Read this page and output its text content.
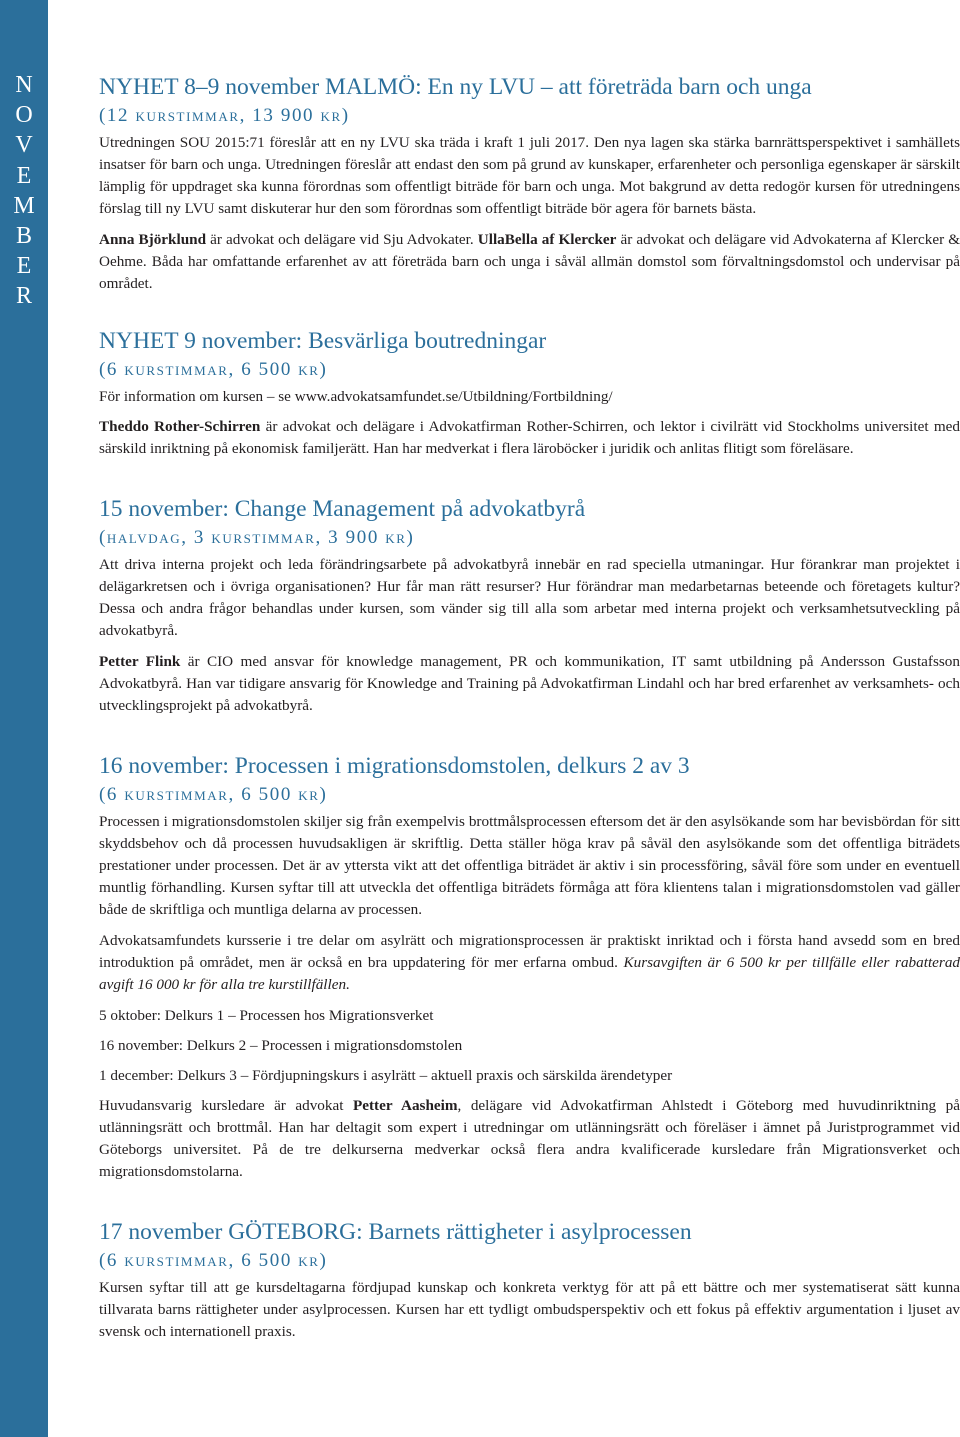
N
O
V
E
M
B
E
R
NYHET 8–9 november MALMÖ: En ny LVU – att företräda barn och unga
(12 kurstimmar, 13 900 kr)

Utredningen SOU 2015:71 föreslår att en ny LVU ska träda i kraft 1 juli 2017. Den nya lagen ska stärka barnrättsperspektivet i samhällets insatser för barn och unga. Utredningen föreslår att endast den som på grund av kunskaper, erfarenheter och personliga egenskaper är särskilt lämplig för uppdraget ska kunna förordnas som offentligt biträde för barn och unga. Mot bakgrund av detta redogör kursen för utredningens förslag till ny LVU samt diskuterar hur den som förordnas som offentligt biträde bör agera för barnets bästa.

Anna Björklund är advokat och delägare vid Sju Advokater. UllaBella af Klercker är advokat och delägare vid Advokaterna af Klercker & Oehme. Båda har omfattande erfarenhet av att företräda barn och unga i såväl allmän domstol som förvaltningsdomstol och undervisar på området.

NYHET 9 november: Besvärliga boutredningar
(6 kurstimmar, 6 500 kr)

För information om kursen – se www.advokatsamfundet.se/Utbildning/Fortbildning/

Theddo Rother-Schirren är advokat och delägare i Advokatfirman Rother-Schirren, och lektor i civilrätt vid Stockholms universitet med särskild inriktning på ekonomisk familjerätt. Han har medverkat i flera läroböcker i juridik och anlitas flitigt som föreläsare.

15 november: Change Management på advokatbyrå
(halvdag, 3 kurstimmar, 3 900 kr)

Att driva interna projekt och leda förändringsarbete på advokatbyrå innebär en rad speciella utmaningar. Hur förankrar man projektet i delägarkretsen och i övriga organisationen? Hur får man rätt resurser? Hur förändrar man medarbetarnas beteende och företagets kultur? Dessa och andra frågor behandlas under kursen, som vänder sig till alla som arbetar med interna projekt och verksamhetsutveckling på advokatbyrå.

Petter Flink är CIO med ansvar för knowledge management, PR och kommunikation, IT samt utbildning på Andersson Gustafsson Advokatbyrå. Han var tidigare ansvarig för Knowledge and Training på Advokatfirman Lindahl och har bred erfarenhet av verksamhets- och utvecklingsprojekt på advokatbyrå.

16 november: Processen i migrationsdomstolen, delkurs 2 av 3
(6 kurstimmar, 6 500 kr)

Processen i migrationsdomstolen skiljer sig från exempelvis brottmålsprocessen eftersom det är den asylsökande som har bevisbördan för sitt skyddsbehov och då processen huvudsakligen är skriftlig. Detta ställer höga krav på såväl den asylsökande som det offentliga biträdets prestationer under processen. Det är av yttersta vikt att det offentliga biträdet är aktiv i sin processföring, såväl före som under en eventuell muntlig förhandling. Kursen syftar till att utveckla det offentliga biträdets förmåga att föra klientens talan i migrationsdomstolen vad gäller både de skriftliga och muntliga delarna av processen.

Advokatsamfundets kursserie i tre delar om asylrätt och migrationsprocessen är praktiskt inriktad och i första hand avsedd som en bred introduktion på området, men är också en bra uppdatering för mer erfarna ombud. Kursavgiften är 6 500 kr per tillfälle eller rabatterad avgift 16 000 kr för alla tre kurstillfällen.

5 oktober: Delkurs 1 – Processen hos Migrationsverket

16 november: Delkurs 2 – Processen i migrationsdomstolen

1 december: Delkurs 3 – Fördjupningskurs i asylrätt – aktuell praxis och särskilda ärendetyper

Huvudansvarig kursledare är advokat Petter Aasheim, delägare vid Advokatfirman Ahlstedt i Göteborg med huvudinriktning på utlänningsrätt och brottmål. Han har deltagit som expert i utredningar om utlänningsrätt och föreläser i ämnet på Juristprogrammet vid Göteborgs universitet. På de tre delkurserna medverkar också flera andra kvalificerade kursledare från Migrationsverket och migrationsdomstolarna.

17 november GÖTEBORG: Barnets rättigheter i asylprocessen
(6 kurstimmar, 6 500 kr)

Kursen syftar till att ge kursdeltagarna fördjupad kunskap och konkreta verktyg för att på ett bättre och mer systematiserat sätt kunna tillvarata barns rättigheter under asylprocessen. Kursen har ett tydligt ombudsperspektiv och ett fokus på effektiv argumentation i ljuset av svensk och internationell praxis.
